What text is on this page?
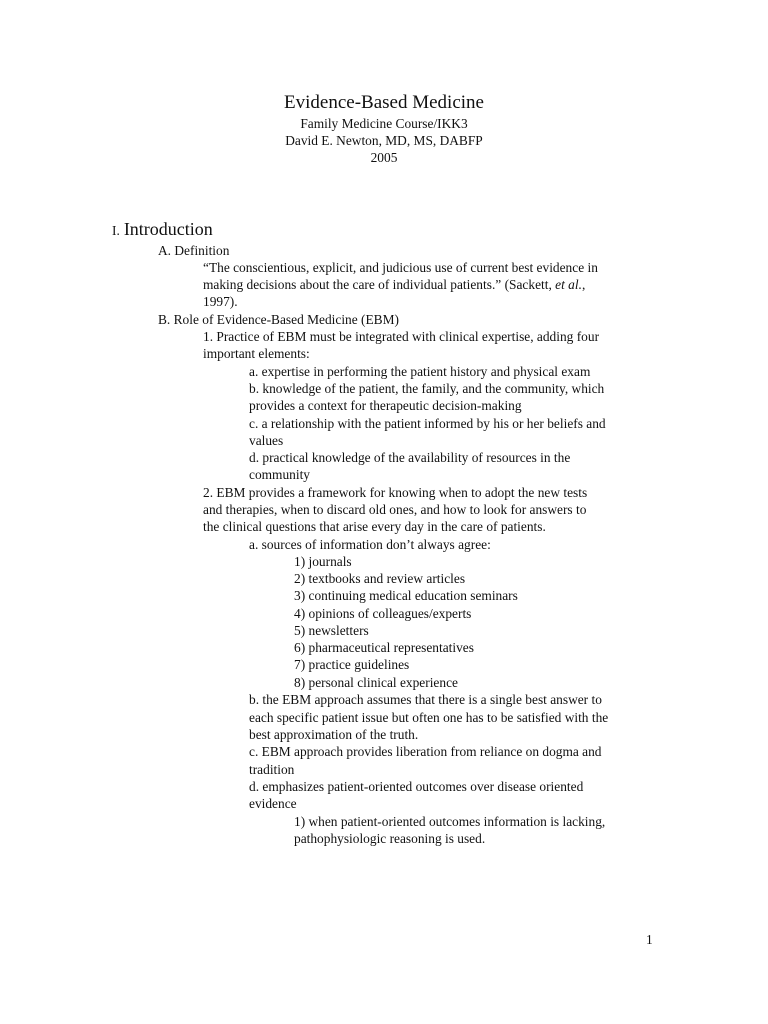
Evidence-Based Medicine
Family Medicine Course/IKK3
David E. Newton, MD, MS, DABFP
2005
I. Introduction
A. Definition
“The conscientious, explicit, and judicious use of current best evidence in
making decisions about the care of individual patients.” (Sackett, et al.,
1997).
B. Role of Evidence-Based Medicine (EBM)
1. Practice of EBM must be integrated with clinical expertise, adding four
important elements:
a. expertise in performing the patient history and physical exam
b. knowledge of the patient, the family, and the community, which
provides a context for therapeutic decision-making
c. a relationship with the patient informed by his or her beliefs and
values
d. practical knowledge of the availability of resources in the
community
2. EBM provides a framework for knowing when to adopt the new tests
and therapies, when to discard old ones, and how to look for answers to
the clinical questions that arise every day in the care of patients.
a. sources of information don’t always agree:
1) journals
2) textbooks and review articles
3) continuing medical education seminars
4) opinions of colleagues/experts
5) newsletters
6) pharmaceutical representatives
7) practice guidelines
8) personal clinical experience
b. the EBM approach assumes that there is a single best answer to
each specific patient issue but often one has to be satisfied with the
best approximation of the truth.
c. EBM approach provides liberation from reliance on dogma and
tradition
d. emphasizes patient-oriented outcomes over disease oriented
evidence
1) when patient-oriented outcomes information is lacking,
pathophysiologic reasoning is used.
1
